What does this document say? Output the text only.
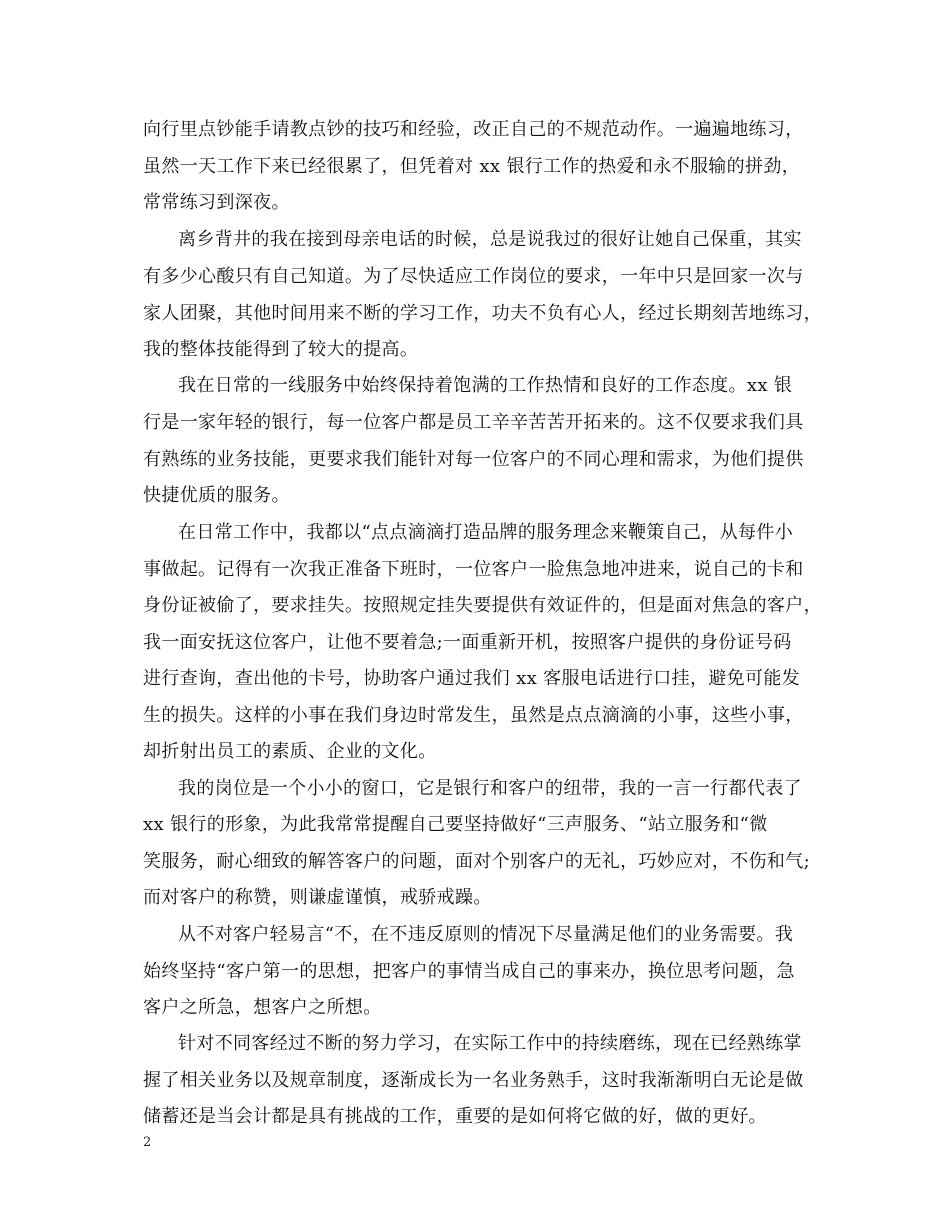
向行里点钞能手请教点钞的技巧和经验，改正自己的不规范动作。一遍遍地练习，
虽然一天工作下来已经很累了，但凭着对 xx 银行工作的热爱和永不服输的拼劲，
常常练习到深夜。
离乡背井的我在接到母亲电话的时候，总是说我过的很好让她自己保重，其实
有多少心酸只有自己知道。为了尽快适应工作岗位的要求，一年中只是回家一次与
家人团聚，其他时间用来不断的学习工作，功夫不负有心人，经过长期刻苦地练习，
我的整体技能得到了较大的提高。
我在日常的一线服务中始终保持着饱满的工作热情和良好的工作态度。xx 银
行是一家年轻的银行，每一位客户都是员工辛辛苦苦开拓来的。这不仅要求我们具
有熟练的业务技能，更要求我们能针对每一位客户的不同心理和需求，为他们提供
快捷优质的服务。
在日常工作中，我都以“点点滴滴打造品牌的服务理念来鞭策自己，从每件小
事做起。记得有一次我正准备下班时，一位客户一脸焦急地冲进来，说自己的卡和
身份证被偷了，要求挂失。按照规定挂失要提供有效证件的，但是面对焦急的客户，
我一面安抚这位客户，让他不要着急;一面重新开机，按照客户提供的身份证号码
进行查询，查出他的卡号，协助客户通过我们 xx 客服电话进行口挂，避免可能发
生的损失。这样的小事在我们身边时常发生，虽然是点点滴滴的小事，这些小事，
却折射出员工的素质、企业的文化。
我的岗位是一个小小的窗口，它是银行和客户的纽带，我的一言一行都代表了
xx 银行的形象，为此我常常提醒自己要坚持做好“三声服务、“站立服务和“微
笑服务，耐心细致的解答客户的问题，面对个别客户的无礼，巧妙应对，不伤和气;
而对客户的称赞，则谦虚谨慎，戒骄戒躁。
从不对客户轻易言“不，在不违反原则的情况下尽量满足他们的业务需要。我
始终坚持“客户第一的思想，把客户的事情当成自己的事来办，换位思考问题，急
客户之所急，想客户之所想。
针对不同客经过不断的努力学习，在实际工作中的持续磨练，现在已经熟练掌
握了相关业务以及规章制度，逐渐成长为一名业务熟手，这时我渐渐明白无论是做
储蓄还是当会计都是具有挑战的工作，重要的是如何将它做的好，做的更好。
2
